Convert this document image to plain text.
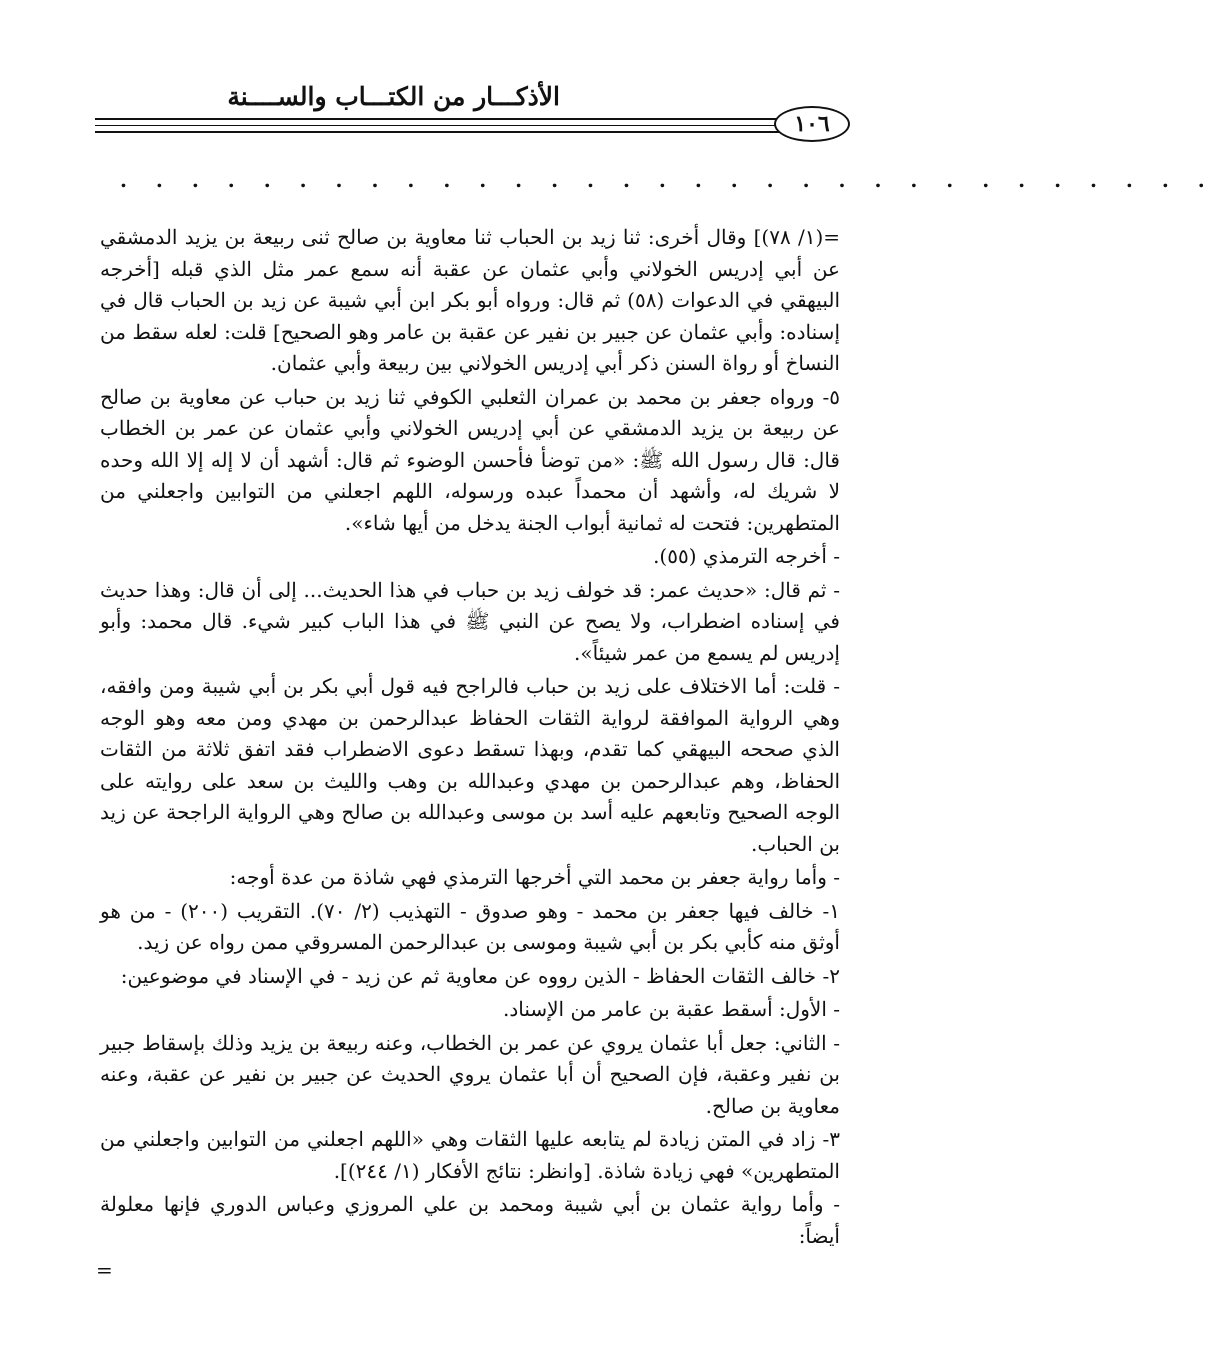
الأذكـــار من الكتـــاب والســــنة
١٠٦
. . . . . . . . . . . . . . . . . . . . . . . . . . . . . . .

=(١/ ٧٨)] وقال أخرى: ثنا زيد بن الحباب ثنا معاوية بن صالح ثنى ربيعة بن يزيد الدمشقي عن أبي إدريس الخولاني وأبي عثمان عن عقبة أنه سمع عمر مثل الذي قبله [أخرجه البيهقي في الدعوات (٥٨) ثم قال: ورواه أبو بكر ابن أبي شيبة عن زيد بن الحباب قال في إسناده: وأبي عثمان عن جبير بن نفير عن عقبة بن عامر وهو الصحيح] قلت: لعله سقط من النساخ أو رواة السنن ذكر أبي إدريس الخولاني بين ربيعة وأبي عثمان.

٥- ورواه جعفر بن محمد بن عمران الثعلبي الكوفي ثنا زيد بن حباب عن معاوية بن صالح عن ربيعة بن يزيد الدمشقي عن أبي إدريس الخولاني وأبي عثمان عن عمر بن الخطاب قال: قال رسول الله ﷺ: «من توضأ فأحسن الوضوء ثم قال: أشهد أن لا إله إلا الله وحده لا شريك له، وأشهد أن محمداً عبده ورسوله، اللهم اجعلني من التوابين واجعلني من المتطهرين: فتحت له ثمانية أبواب الجنة يدخل من أيها شاء».

- أخرجه الترمذي (٥٥).

- ثم قال: «حديث عمر: قد خولف زيد بن حباب في هذا الحديث... إلى أن قال: وهذا حديث في إسناده اضطراب، ولا يصح عن النبي ﷺ في هذا الباب كبير شيء. قال محمد: وأبو إدريس لم يسمع من عمر شيئاً».

- قلت: أما الاختلاف على زيد بن حباب فالراجح فيه قول أبي بكر بن أبي شيبة ومن وافقه، وهي الرواية الموافقة لرواية الثقات الحفاظ عبدالرحمن بن مهدي ومن معه وهو الوجه الذي صححه البيهقي كما تقدم، وبهذا تسقط دعوى الاضطراب فقد اتفق ثلاثة من الثقات الحفاظ، وهم عبدالرحمن بن مهدي وعبدالله بن وهب والليث بن سعد على روايته على الوجه الصحيح وتابعهم عليه أسد بن موسى وعبدالله بن صالح وهي الرواية الراجحة عن زيد بن الحباب.

- وأما رواية جعفر بن محمد التي أخرجها الترمذي فهي شاذة من عدة أوجه:

١- خالف فيها جعفر بن محمد - وهو صدوق - التهذيب (٢/ ٧٠). التقريب (٢٠٠) - من هو أوثق منه كأبي بكر بن أبي شيبة وموسى بن عبدالرحمن المسروقي ممن رواه عن زيد.

٢- خالف الثقات الحفاظ - الذين رووه عن معاوية ثم عن زيد - في الإسناد في موضوعين:

- الأول: أسقط عقبة بن عامر من الإسناد.

- الثاني: جعل أبا عثمان يروي عن عمر بن الخطاب، وعنه ربيعة بن يزيد وذلك بإسقاط جبير بن نفير وعقبة، فإن الصحيح أن أبا عثمان يروي الحديث عن جبير بن نفير عن عقبة، وعنه معاوية بن صالح.

٣- زاد في المتن زيادة لم يتابعه عليها الثقات وهي «اللهم اجعلني من التوابين واجعلني من المتطهرين» فهي زيادة شاذة. [وانظر: نتائج الأفكار (١/ ٢٤٤)].

- وأما رواية عثمان بن أبي شيبة ومحمد بن علي المروزي وعباس الدوري فإنها معلولة أيضاً:

=
